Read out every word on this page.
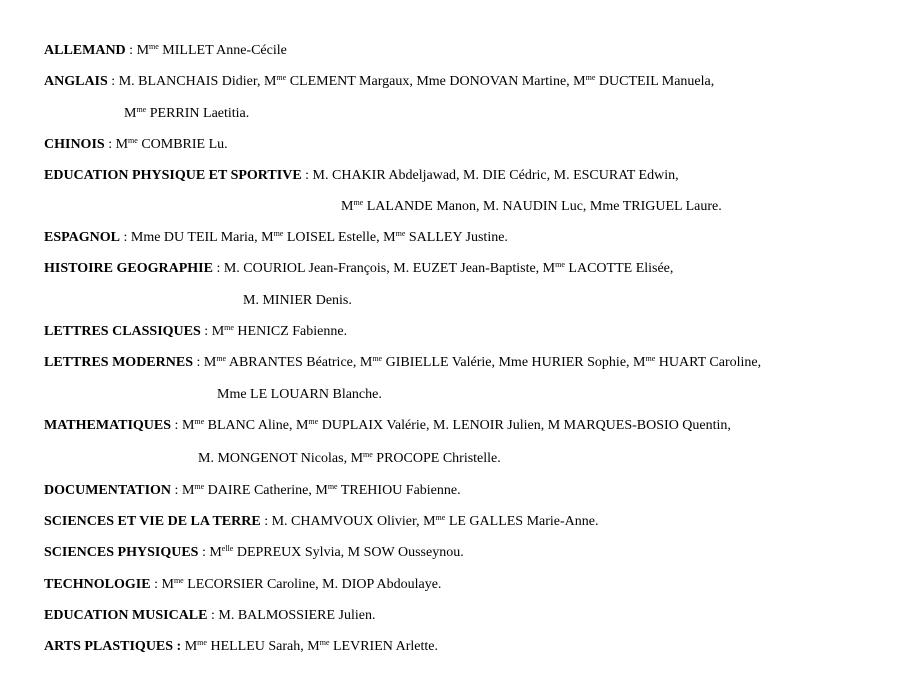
ALLEMAND : $M^{me}$ MILLET Anne-Cécile
ANGLAIS : M. BLANCHAIS Didier, $M^{me}$ CLEMENT Margaux, Mme DONOVAN Martine, $M^{me}$ DUCTEIL Manuela,
$M^{me}$ PERRIN Laetitia.
CHINOIS : $M^{me}$ COMBRIE Lu.
EDUCATION PHYSIQUE ET SPORTIVE : M. CHAKIR Abdeljawad, M. DIE Cédric, M. ESCURAT Edwin,
$M^{me}$ LALANDE Manon, M. NAUDIN Luc, Mme TRIGUEL Laure.
ESPAGNOL : Mme DU TEIL Maria, $M^{me}$ LOISEL Estelle, $M^{me}$ SALLEY Justine.
HISTOIRE GEOGRAPHIE : M. COURIOL Jean-François, M. EUZET Jean-Baptiste, $M^{me}$ LACOTTE Elisée,
M. MINIER Denis.
LETTRES CLASSIQUES : $M^{me}$ HENICZ Fabienne.
LETTRES MODERNES : $M^{me}$ ABRANTES Béatrice, $M^{me}$ GIBIELLE Valérie, Mme HURIER Sophie, $M^{me}$ HUART Caroline,
Mme LE LOUARN Blanche.
MATHEMATIQUES : $M^{me}$ BLANC Aline, $M^{me}$ DUPLAIX Valérie, M. LENOIR Julien, M MARQUES-BOSIO Quentin,
M. MONGENOT Nicolas, $M^{me}$ PROCOPE Christelle.
DOCUMENTATION : $M^{me}$ DAIRE Catherine, $M^{me}$ TREHIOU Fabienne.
SCIENCES ET VIE DE LA TERRE : M. CHAMVOUX Olivier, $M^{me}$ LE GALLES Marie-Anne.
SCIENCES PHYSIQUES : $M^{elle}$ DEPREUX Sylvia, M SOW Ousseynou.
TECHNOLOGIE : $M^{me}$ LECORSIER Caroline, M. DIOP Abdoulaye.
EDUCATION MUSICALE : M. BALMOSSIERE Julien.
ARTS PLASTIQUES : $M^{me}$ HELLEU Sarah, $M^{me}$ LEVRIEN Arlette.
